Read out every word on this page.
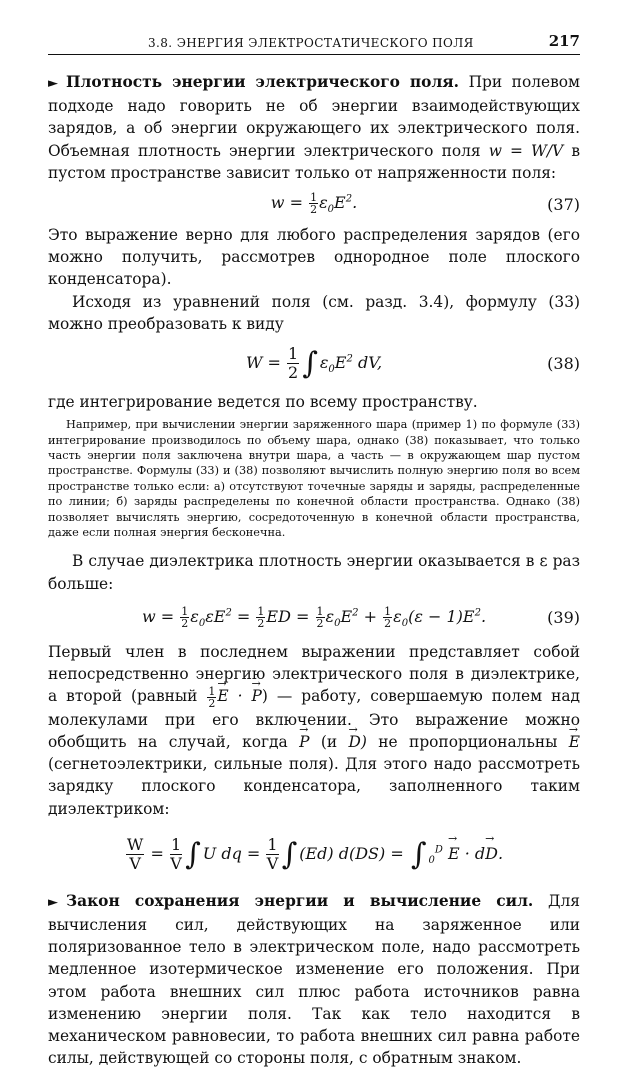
3.8. ЭНЕРГИЯ ЭЛЕКТРОСТАТИЧЕСКОГО ПОЛЯ	217

► Плотность энергии электрического поля. При полевом подходе надо говорить не об энергии взаимодействующих зарядов, а об энергии окружающего их электрического поля. Объемная плотность энергии электрического поля w = W/V в пустом пространстве зависит только от напряженности поля:

$w = \frac{1}{2} \varepsilon_0E^2$.	(37)

Это выражение верно для любого распределения зарядов (его можно получить, рассмотрев однородное поле плоского конденсатора).

Исходя из уравнений поля (см. разд. 3.4), формулу (33) можно преобразовать к виду

$W = \frac{1}{2}$ ∫ $\varepsilon_0E^2$ dV,	(38)

где интегрирование ведется по всему пространству.

Например, при вычислении энергии заряженного шара (пример 1) по формуле (33) интегрирование производилось по объему шара, однако (38) показывает, что только часть энергии поля заключена внутри шара, а часть — в окружающем шар пустом пространстве. Формулы (33) и (38) позволяют вычислить полную энергию поля во всем пространстве только если: а) отсутствуют точечные заряды и заряды, распределенные по линии; б) заряды распределены по конечной области пространства. Однако (38) позволяет вычислять энергию, сосредоточенную в конечной области пространства, даже если полная энергия бесконечна.

В случае диэлектрика плотность энергии оказывается в ε раз больше:

$w = \frac{1}{2} \varepsilon_0\varepsilon E^2 = \frac{1}{2}$ ED = $\frac{1}{2} \varepsilon_0E^2 + \frac{1}{2} \varepsilon_0(\varepsilon - 1)E^2$.	(39)

Первый член в последнем выражении представляет собой непосредственно энергию электрического поля в диэлектрике, а второй (равный $\frac{1}{2}$
→ E · → P) — работу, совершаемую полем над молекулами при его включении. Это выражение можно обобщить на случай, когда → P (и → D) не пропорциональны → E (сегнетоэлектрики, сильные поля). Для этого надо рассмотреть зарядку плоского конденсатора, заполненного таким диэлектриком:

$\frac{W}{V} = \frac{1}{V}$ ∫ U dq = $\frac{1}{V}$ ∫ (Ed) d(DS) = ∫ $_0^D$ → E · d→ D.

► Закон сохранения энергии и вычисление сил. Для вычисления сил, действующих на заряженное или поляризованное тело в электрическом поле, надо рассмотреть медленное изотермическое изменение его положения. При этом работа внешних сил плюс работа источников равна изменению энергии поля. Так как тело находится в механическом равновесии, то работа внешних сил равна работе силы, действующей со стороны поля, с обратным знаком.
